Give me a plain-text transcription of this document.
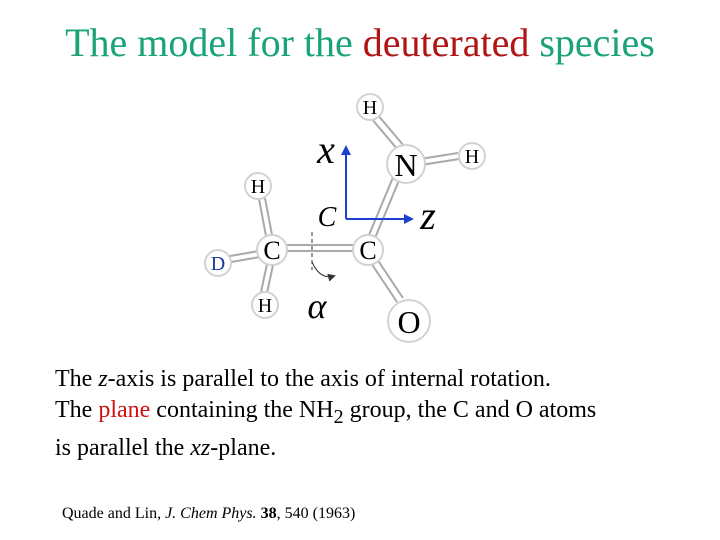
The model for the deuterated species
H
H
N
H
C	C
D
H	O
x
z
C
α
The z-axis is parallel to the axis of internal rotation.
The plane containing the $NH_2$ group, the C and O atoms
is parallel the xz-plane.
Quade and Lin, J. Chem Phys. 38, 540 (1963)
